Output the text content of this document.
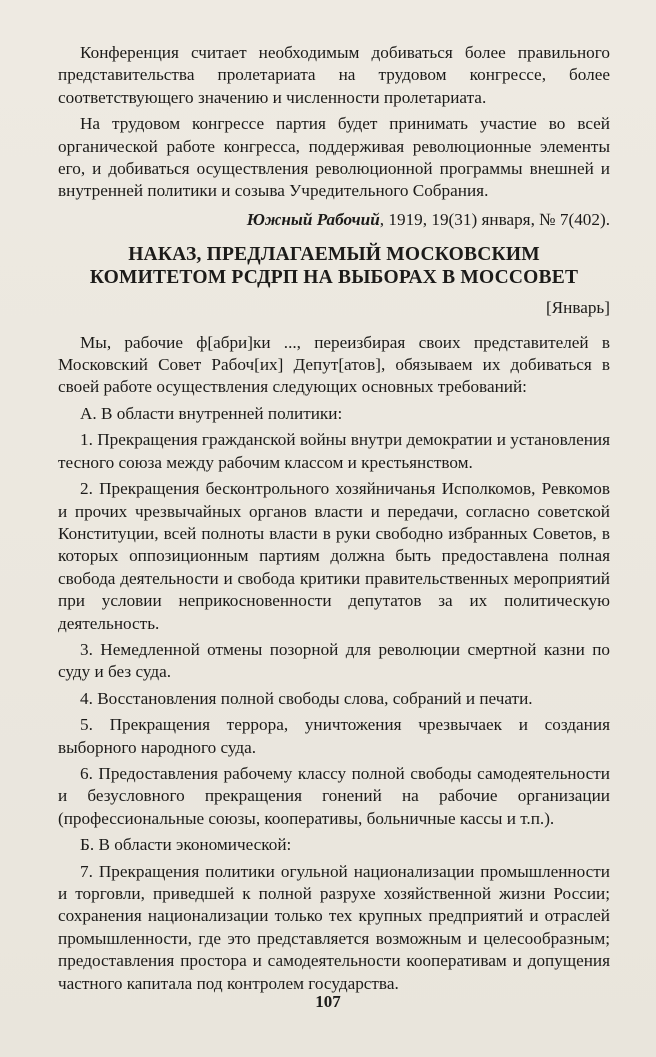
Конференция считает необходимым добиваться более правильного представительства пролетариата на трудовом конгрессе, более соответствующего значению и численности пролетариата.

На трудовом конгрессе партия будет принимать участие во всей органической работе конгресса, поддерживая революционные элементы его, и добиваться осуществления революционной программы внешней и внутренней политики и созыва Учредительного Собрания.

Южный Рабочий, 1919, 19(31) января, № 7(402).

НАКАЗ, ПРЕДЛАГАЕМЫЙ МОСКОВСКИМ
КОМИТЕТОМ РСДРП НА ВЫБОРАХ В МОССОВЕТ

[Январь]

Мы, рабочие ф[абри]ки ..., переизбирая своих представителей в Московский Совет Рабоч[их] Депут[атов], обязываем их добиваться в своей работе осуществления следующих основных требований:

А. В области внутренней политики:

1. Прекращения гражданской войны внутри демократии и установления тесного союза между рабочим классом и крестьянством.

2. Прекращения бесконтрольного хозяйничанья Исполкомов, Ревкомов и прочих чрезвычайных органов власти и передачи, согласно советской Конституции, всей полноты власти в руки свободно избранных Советов, в которых оппозиционным партиям должна быть предоставлена полная свобода деятельности и свобода критики правительственных мероприятий при условии неприкосновенности депутатов за их политическую деятельность.

3. Немедленной отмены позорной для революции смертной казни по суду и без суда.

4. Восстановления полной свободы слова, собраний и печати.

5. Прекращения террора, уничтожения чрезвычаек и создания выборного народного суда.

6. Предоставления рабочему классу полной свободы самодеятельности и безусловного прекращения гонений на рабочие организации (профессиональные союзы, кооперативы, больничные кассы и т.п.).

Б. В области экономической:

7. Прекращения политики огульной национализации промышленности и торговли, приведшей к полной разрухе хозяйственной жизни России; сохранения национализации только тех крупных предприятий и отраслей промышленности, где это представляется возможным и целесообразным; предоставления простора и самодеятельности кооперативам и допущения частного капитала под контролем государства.

107
